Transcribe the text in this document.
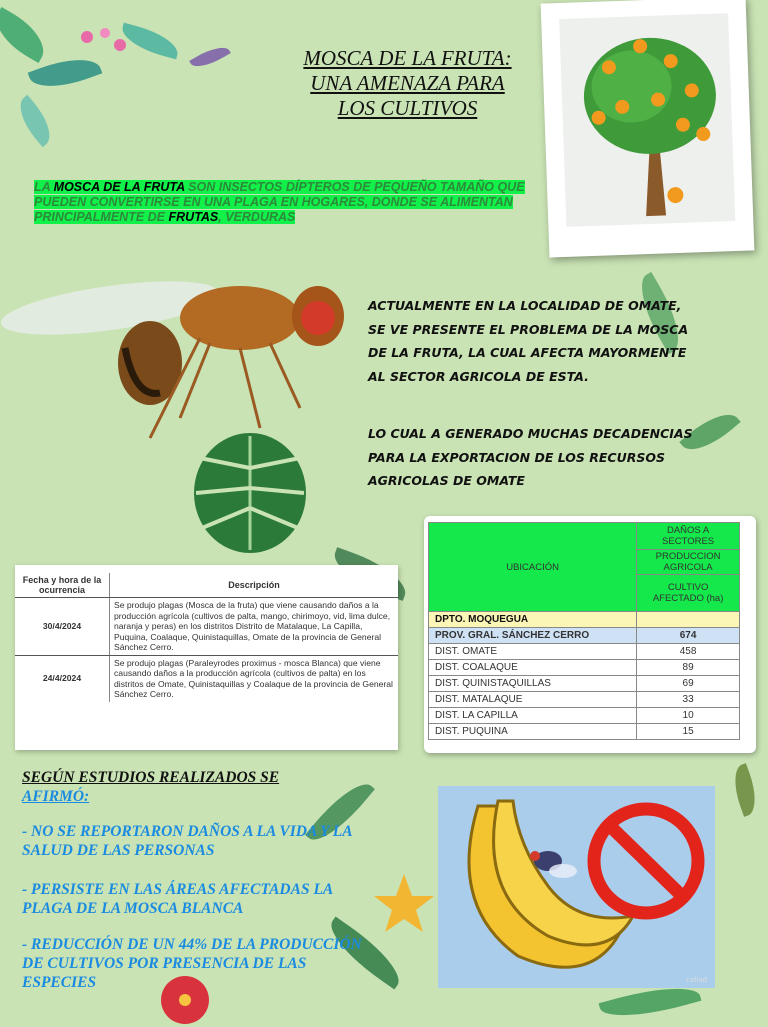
MOSCA DE LA FRUTA: UNA AMENAZA PARA LOS CULTIVOS
LA MOSCA DE LA FRUTA SON INSECTOS DÍPTEROS DE PEQUEÑO TAMAÑO QUE PUEDEN CONVERTIRSE EN UNA PLAGA EN HOGARES, DONDE SE ALIMENTAN PRINCIPALMENTE DE FRUTAS, VERDURAS
ACTUALMENTE EN LA LOCALIDAD DE OMATE, SE VE PRESENTE EL PROBLEMA DE LA MOSCA DE LA FRUTA, LA CUAL AFECTA MAYORMENTE AL SECTOR AGRICOLA DE ESTA.
LO CUAL A GENERADO MUCHAS DECADENCIAS PARA LA EXPORTACION DE LOS RECURSOS AGRICOLAS DE OMATE
Fecha y hora de la ocurrencia	Descripción
30/4/2024	Se produjo plagas (Mosca de la fruta) que viene causando daños a la producción agrícola (cultivos de palta, mango, chirimoyo, vid, lima dulce, naranja y peras) en los distritos Distrito de Matalaque, La Capilla, Puquina, Coalaque, Quinistaquillas, Omate de la provincia de General Sánchez Cerro.
24/4/2024	Se produjo plagas (Paraleyrodes proximus - mosca Blanca) que viene causando daños a la producción agrícola (cultivos de palta) en los distritos de Omate, Quinistaquillas y Coalaque de la provincia de General Sánchez Cerro.
UBICACIÓN	DAÑOS A SECTORES
	PRODUCCION AGRICOLA
	CULTIVO AFECTADO (ha)
DPTO. MOQUEGUA	
PROV. GRAL. SÁNCHEZ CERRO	674
DIST. OMATE	458
DIST. COALAQUE	89
DIST. QUINISTAQUILLAS	69
DIST. MATALAQUE	33
DIST. LA CAPILLA	10
DIST. PUQUINA	15
SEGÚN ESTUDIOS REALIZADOS SE
AFIRMÓ:
- NO SE REPORTARON DAÑOS A LA VIDA Y LA SALUD DE LAS PERSONAS
- PERSISTE EN LAS ÁREAS AFECTADAS LA PLAGA DE LA MOSCA BLANCA
- REDUCCIÓN DE UN 44% DE LA PRODUCCIÓN DE CULTIVOS POR PRESENCIA DE LAS ESPECIES	collad
